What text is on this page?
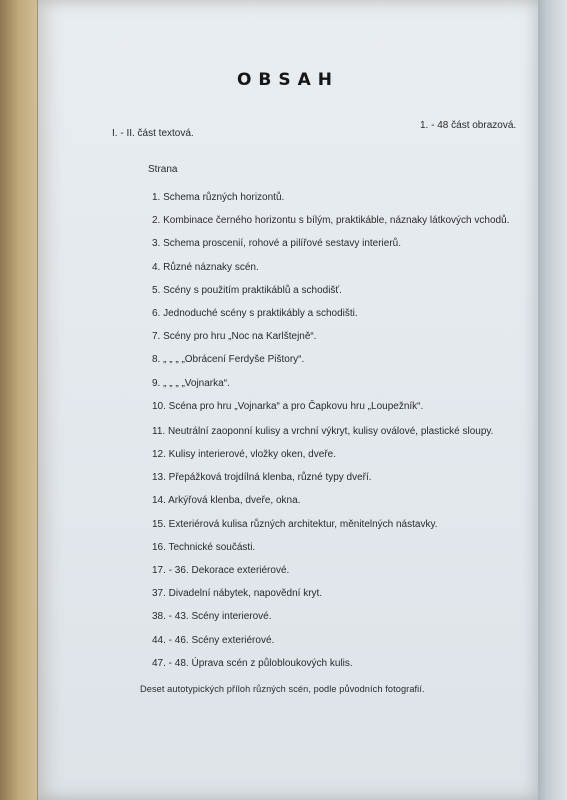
OBSAH
I. - II. část textová.
1. - 48 část obrazová.
Strana
1. Schema různých horizontů.
2. Kombinace černého horizontu s bílým, praktikáble, náznaky látkových vchodů.
3. Schema proscenií, rohové a pilířové sestavy interierů.
4. Různé náznaky scén.
5. Scény s použitím praktikáblů a schodišť.
6. Jednoduché scény s praktikábly a schodišti.
7. Scény pro hru „Noc na Karlštejně“.
8. „ „ „ „Obrácení Ferdyše Pištory“.
9. „ „ „ „Vojnarka“.
10. Scéna pro hru „Vojnarka“ a pro Čapkovu hru „Loupežník“.
11. Neutrální zaoponní kulisy a vrchní výkryt, kulisy oválové, plastické sloupy.
12. Kulisy interierové, vložky oken, dveře.
13. Přepážková trojdílná klenba, různé typy dveří.
14. Arkýřová klenba, dveře, okna.
15. Exteriérová kulisa různých architektur, měnitelných nástavky.
16. Technické součásti.
17. - 36. Dekorace exteriérové.
37. Divadelní nábytek, napovědní kryt.
38. - 43. Scény interierové.
44. - 46. Scény exteriérové.
47. - 48. Úprava scén z půlobloukových kulis.
Deset autotypických příloh různých scén, podle původních fotografií.
